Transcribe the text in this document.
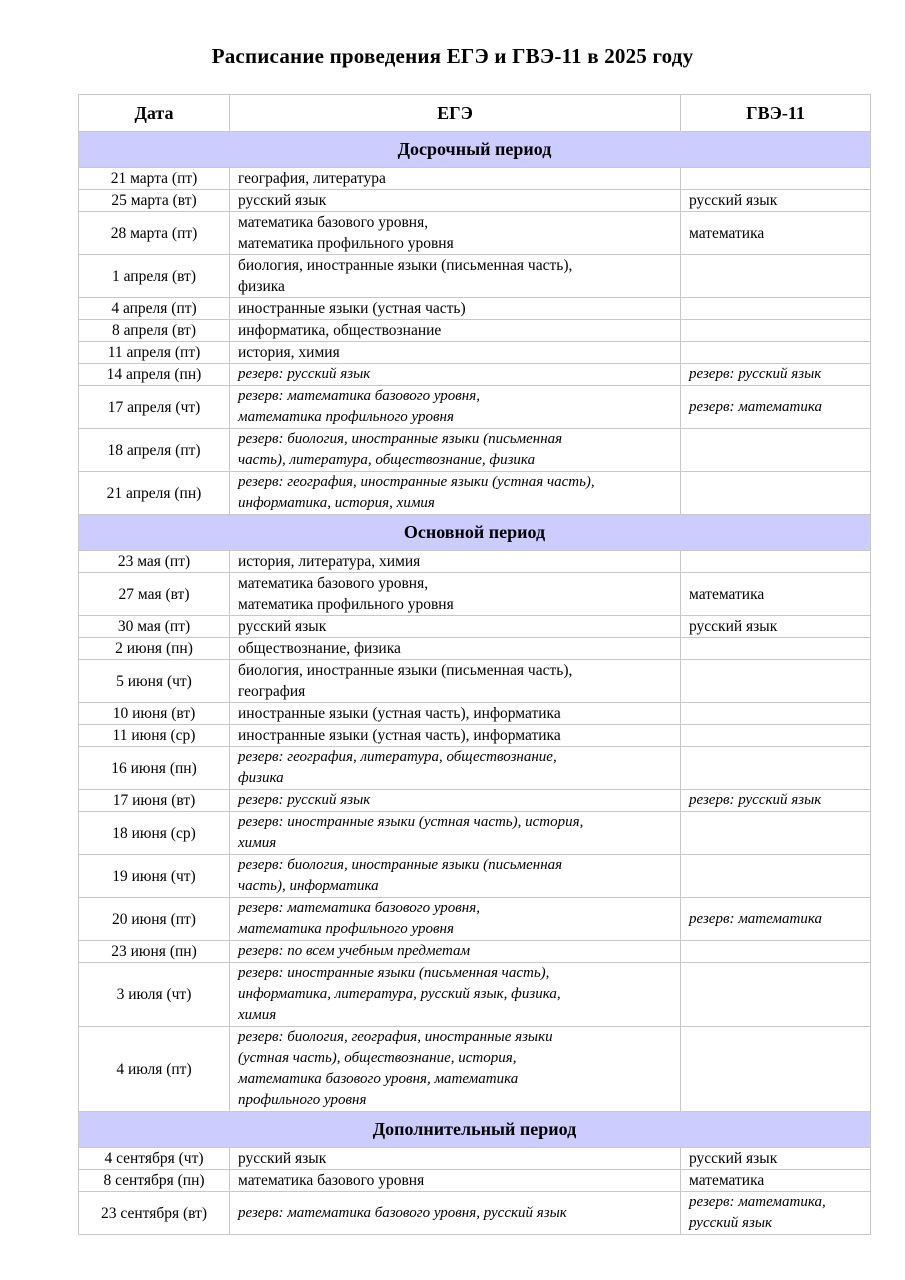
Расписание проведения ЕГЭ и ГВЭ-11 в 2025 году
Дата	ЕГЭ	ГВЭ-11
Досрочный период		
21 марта (пт)	география, литература	
25 марта (вт)	русский язык	русский язык
28 марта (пт)	математика базового уровня,
математика профильного уровня	математика
1 апреля (вт)	биология, иностранные языки (письменная часть),
физика	
4 апреля (пт)	иностранные языки (устная часть)	
8 апреля (вт)	информатика, обществознание	
11 апреля (пт)	история, химия	
14 апреля (пн)	резерв: русский язык	резерв: русский язык
17 апреля (чт)	резерв: математика базового уровня,
математика профильного уровня	резерв: математика
18 апреля (пт)	резерв: биология, иностранные языки (письменная
часть), литература, обществознание, физика	
21 апреля (пн)	резерв: география, иностранные языки (устная часть),
информатика, история, химия	
Основной период		
23 мая (пт)	история, литература, химия	
27 мая (вт)	математика базового уровня,
математика профильного уровня	математика
30 мая (пт)	русский язык	русский язык
2 июня (пн)	обществознание, физика	
5 июня (чт)	биология, иностранные языки (письменная часть),
география	
10 июня (вт)	иностранные языки (устная часть), информатика	
11 июня (ср)	иностранные языки (устная часть), информатика	
16 июня (пн)	резерв: география, литература, обществознание,
физика	
17 июня (вт)	резерв: русский язык	резерв: русский язык
18 июня (ср)	резерв: иностранные языки (устная часть), история,
химия	
19 июня (чт)	резерв: биология, иностранные языки (письменная
часть), информатика	
20 июня (пт)	резерв: математика базового уровня,
математика профильного уровня	резерв: математика
23 июня (пн)	резерв: по всем учебным предметам	
3 июля (чт)	резерв: иностранные языки (письменная часть),
информатика, литература, русский язык, физика,
химия	
4 июля (пт)	резерв: биология, география, иностранные языки
(устная часть), обществознание, история,
математика базового уровня, математика
профильного уровня	
Дополнительный период		
4 сентября (чт)	русский язык	русский язык
8 сентября (пн)	математика базового уровня	математика
23 сентября (вт)	резерв: математика базового уровня, русский язык	резерв: математика,
русский язык
